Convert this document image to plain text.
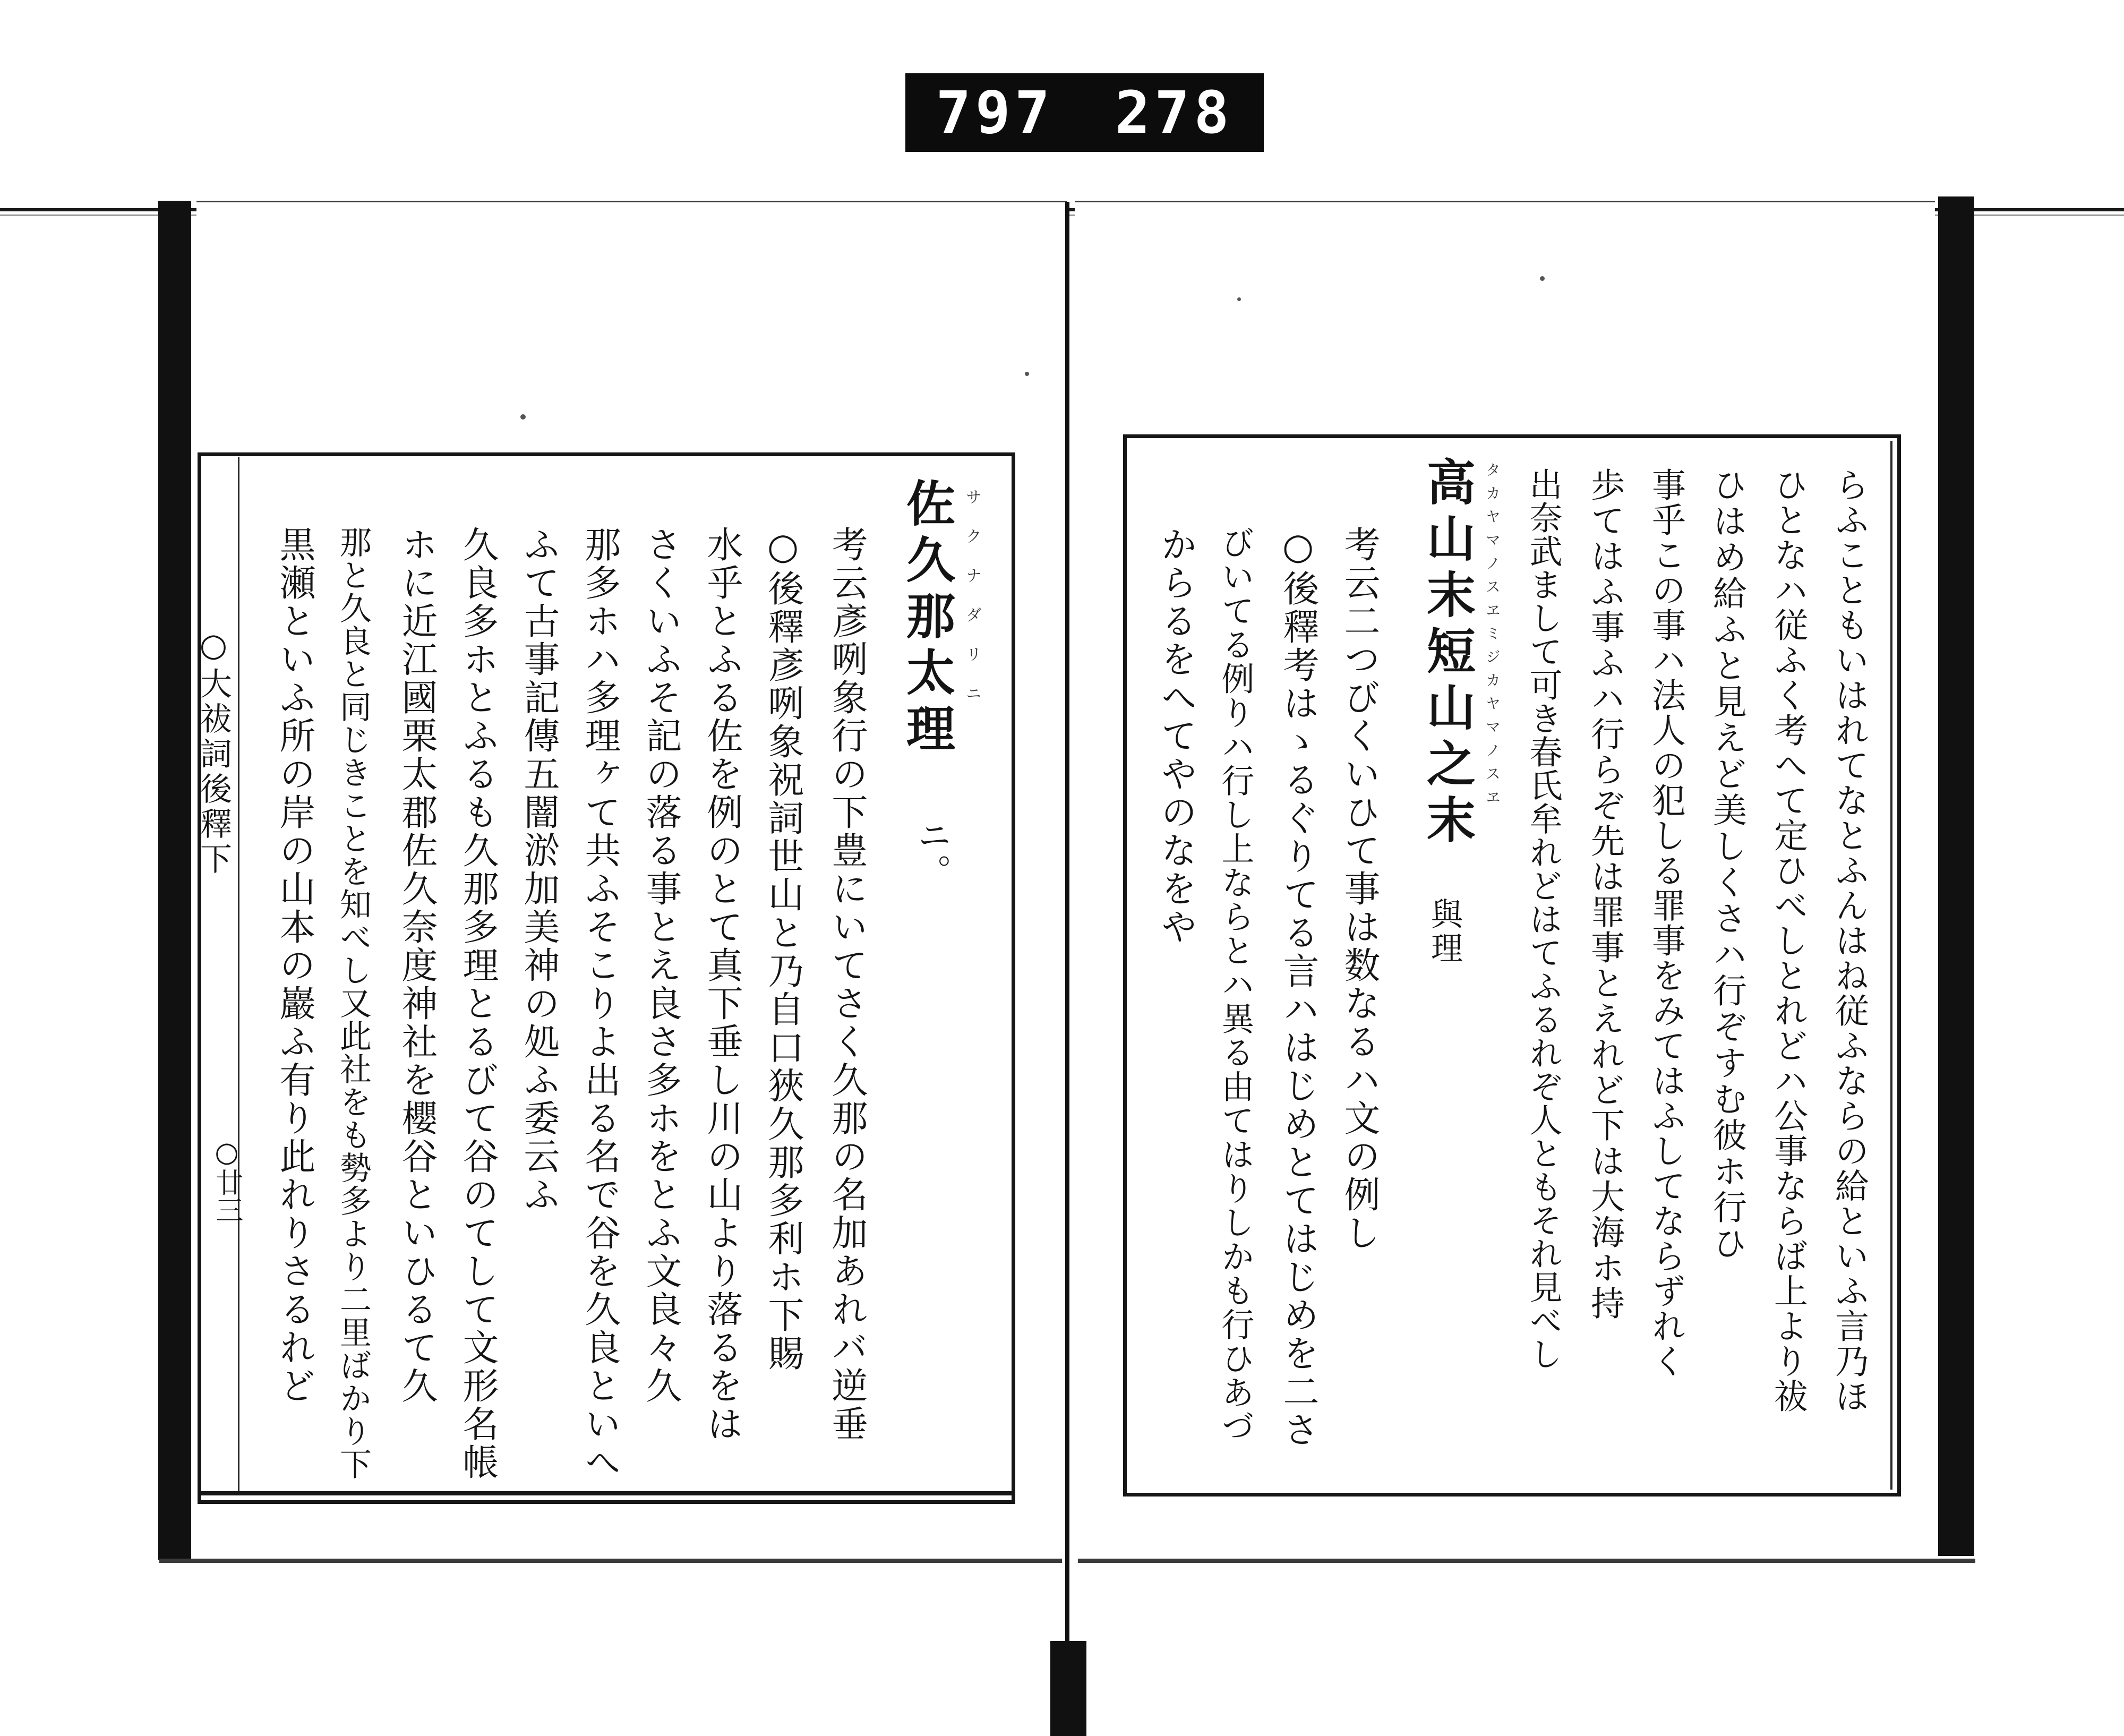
797 278
○大祓詞後釋下
○廿三
サクナダリニ
佐久那太理
ニ。
考云彥咧象行の下豊にいてさく久那の名加あれバ逆垂
○後釋彥咧象祝詞世山と乃自口狹久那多利ホ下賜
水乎とふる佐を例のとて真下垂し川の山より落るをは
さくいふそ記の落る事とえ良さ多ホをとふ文良々久
那多ホハ多理ヶて共ふそこりよ出る名で谷を久良といへ
ふて古事記傳五闇淤加美神の処ふ委云ふ
久良多ホとふるも久那多理とるびて谷のてして文形名帳
ホに近江國栗太郡佐久奈度神社を櫻谷といひるて久
那と久良と同じきことを知べし又此社をも勢多より二里ばかり下
黒瀬といふ所の岸の山本の巖ふ有り此れりさるれど	らふこともいはれてなとふんはね従ふならの給といふ言乃ほ
ひとなハ従ふく考へて定ひべしとれどハ公事ならば上より祓
ひはめ給ふと見えど美しくさハ行ぞすむ彼ホ行ひ
事乎この事ハ法人の犯しる罪事をみてはふしてならずれく
歩てはふ事ふハ行らぞ先は罪事とえれど下は大海ホ持
出奈武まして可き春氏牟れどはてふるれぞ人ともそれ見べし
タカヤマノスヱミジカヤマノスヱ
高山末短山之末
與理
考云二つびくいひて事は数なるハ文の例し
○後釋考はゝるぐりてる言ハはじめとてはじめを二さ
びいてる例りハ行し上ならとハ異る由てはりしかも行ひあづ
からるをへてやのなをや
